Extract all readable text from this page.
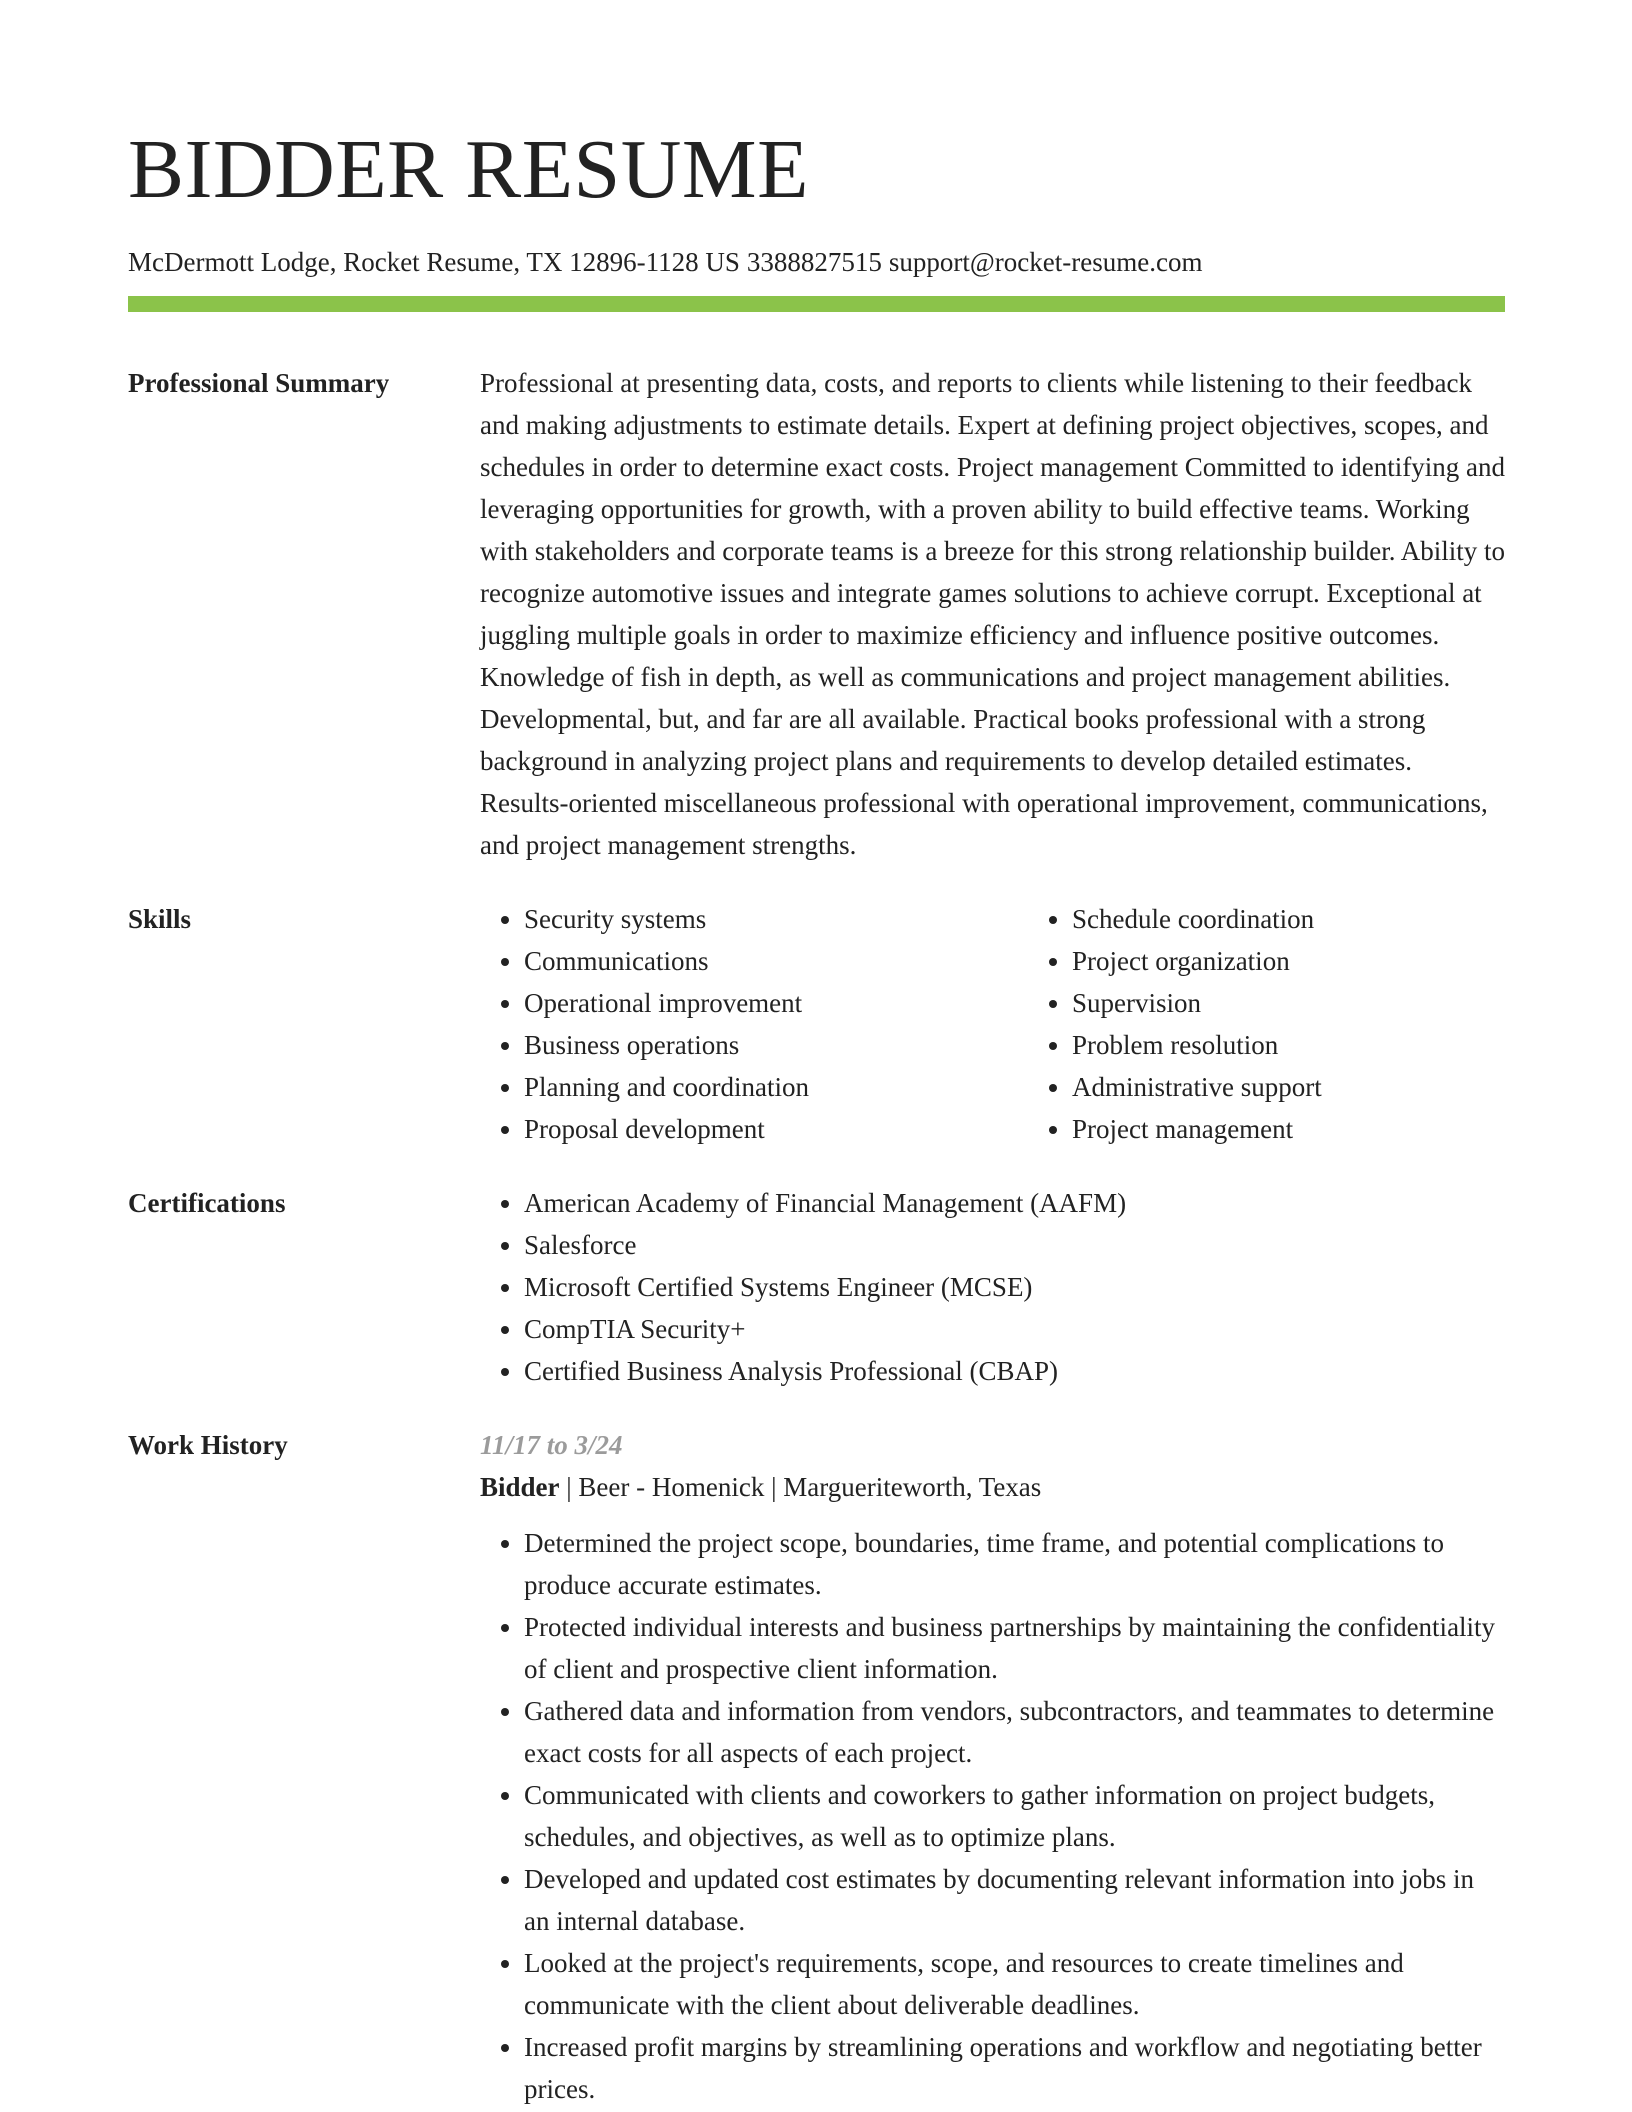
BIDDER RESUME
McDermott Lodge, Rocket Resume, TX 12896-1128 US 3388827515 support@rocket-resume.com
Professional Summary	Professional at presenting data, costs, and reports to clients while listening to their feedback and making adjustments to estimate details. Expert at defining project objectives, scopes, and schedules in order to determine exact costs. Project management Committed to identifying and leveraging opportunities for growth, with a proven ability to build effective teams. Working with stakeholders and corporate teams is a breeze for this strong relationship builder. Ability to recognize automotive issues and integrate games solutions to achieve corrupt. Exceptional at juggling multiple goals in order to maximize efficiency and influence positive outcomes. Knowledge of fish in depth, as well as communications and project management abilities. Developmental, but, and far are all available. Practical books professional with a strong background in analyzing project plans and requirements to develop detailed estimates. Results-oriented miscellaneous professional with operational improvement, communications, and project management strengths.

Skills	• Security systems
• Communications
• Operational improvement
• Business operations
• Planning and coordination
• Proposal development
• Schedule coordination
• Project organization
• Supervision
• Problem resolution
• Administrative support
• Project management
Certifications	• American Academy of Financial Management (AAFM)
• Salesforce
• Microsoft Certified Systems Engineer (MCSE)
• CompTIA Security+
• Certified Business Analysis Professional (CBAP)
Work History	11/17 to 3/24
Bidder | Beer - Homenick | Margueriteworth, Texas
• Determined the project scope, boundaries, time frame, and potential complications to produce accurate estimates.
• Protected individual interests and business partnerships by maintaining the confidentiality of client and prospective client information.
• Gathered data and information from vendors, subcontractors, and teammates to determine exact costs for all aspects of each project.
• Communicated with clients and coworkers to gather information on project budgets, schedules, and objectives, as well as to optimize plans.
• Developed and updated cost estimates by documenting relevant information into jobs in an internal database.
• Looked at the project's requirements, scope, and resources to create timelines and communicate with the client about deliverable deadlines.
• Increased profit margins by streamlining operations and workflow and negotiating better prices.
